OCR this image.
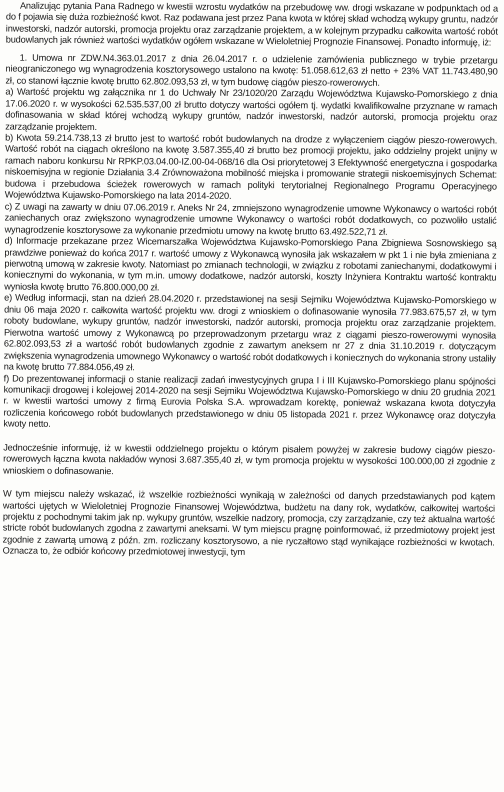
Analizując pytania Pana Radnego w kwestii wzrostu wydatków na przebudowę ww. drogi wskazane w podpunktach od a do f pojawia się duża rozbieżność kwot. Raz podawana jest przez Pana kwota w której skład wchodzą wykupy gruntu, nadzór inwestorski, nadzór autorski, promocja projektu oraz zarządzanie projektem, a w kolejnym przypadku całkowita wartość robót budowlanych jak również wartości wydatków ogółem wskazane w Wieloletniej Prognozie Finansowej. Ponadto informuję, iż:

1. Umowa nr ZDW.N4.363.01.2017 z dnia 26.04.2017 r. o udzielenie zamówienia publicznego w trybie przetargu nieograniczonego wg wynagrodzenia kosztorysowego ustalono na kwotę: 51.058.612,63 zł netto + 23% VAT 11.743.480,90 zł, co stanowi łącznie kwotę brutto 62.802.093,53 zł, w tym budowę ciągów pieszo-rowerowych.

a) Wartość projektu wg załącznika nr 1 do Uchwały Nr 23/1020/20 Zarządu Województwa Kujawsko-Pomorskiego z dnia 17.06.2020 r. w wysokości 62.535.537,00 zł brutto dotyczy wartości ogółem tj. wydatki kwalifikowalne przyznane w ramach dofinasowania w skład której wchodzą wykupy gruntów, nadzór inwestorski, nadzór autorski, promocja projektu oraz zarządzanie projektem.

b) Kwota 59.214.738,13 zł brutto jest to wartość robót budowlanych na drodze z wyłączeniem ciągów pieszo-rowerowych. Wartość robót na ciągach określono na kwotę 3.587.355,40 zł brutto bez promocji projektu, jako oddzielny projekt unijny w ramach naboru konkursu Nr RPKP.03.04.00-IZ.00-04-068/16 dla Osi priorytetowej 3 Efektywność energetyczna i gospodarka niskoemisyjna w regionie Działania 3.4 Zrównoważona mobilność miejska i promowanie strategii niskoemisyjnych Schemat: budowa i przebudowa ścieżek rowerowych w ramach polityki terytorialnej Regionalnego Programu Operacyjnego Województwa Kujawsko-Pomorskiego na lata 2014-2020.

c) Z uwagi na zawarty w dniu 07.06.2019 r. Aneks Nr 24, zmniejszono wynagrodzenie umowne Wykonawcy o wartości robót zaniechanych oraz zwiększono wynagrodzenie umowne Wykonawcy o wartości robót dodatkowych, co pozwoliło ustalić wynagrodzenie kosztorysowe za wykonanie przedmiotu umowy na kwotę brutto 63.492.522,71 zł.

d) Informacje przekazane przez Wicemarszałka Województwa Kujawsko-Pomorskiego Pana Zbigniewa Sosnowskiego są prawdziwe ponieważ do końca 2017 r. wartość umowy z Wykonawcą wynosiła jak wskazałem w pkt 1 i nie była zmieniana z pierwotną umową w zakresie kwoty. Natomiast po zmianach technologii, w związku z robotami zaniechanymi, dodatkowymi i koniecznymi do wykonania, w tym m.in. umowy dodatkowe, nadzór autorski, koszty Inżyniera Kontraktu wartość kontraktu wyniosła kwotę brutto 76.800.000,00 zł.

e) Według informacji, stan na dzień 28.04.2020 r. przedstawionej na sesji Sejmiku Województwa Kujawsko-Pomorskiego w dniu 06 maja 2020 r. całkowita wartość projektu ww. drogi z wnioskiem o dofinasowanie wynosiła 77.983.675,57 zł, w tym roboty budowlane, wykupy gruntów, nadzór inwestorski, nadzór autorski, promocja projektu oraz zarządzanie projektem. Pierwotna wartość umowy z Wykonawcą po przeprowadzonym przetargu wraz z ciągami pieszo-rowerowymi wynosiła 62.802.093,53 zł a wartość robót budowlanych zgodnie z zawartym aneksem nr 27 z dnia 31.10.2019 r. dotyczącym zwiększenia wynagrodzenia umownego Wykonawcy o wartość robót dodatkowych i koniecznych do wykonania strony ustaliły na kwotę brutto 77.884.056,49 zł.

f) Do prezentowanej informacji o stanie realizacji zadań inwestycyjnych grupa I i III Kujawsko-Pomorskiego planu spójności komunikacji drogowej i kolejowej 2014-2020 na sesji Sejmiku Województwa Kujawsko-Pomorskiego w dniu 20 grudnia 2021 r. w kwestii wartości umowy z firmą Eurovia Polska S.A. wprowadzam korektę, ponieważ wskazana kwota dotyczyła rozliczenia końcowego robót budowlanych przedstawionego w dniu 05 listopada 2021 r. przez Wykonawcę oraz dotyczyła kwoty netto.

Jednocześnie informuję, iż w kwestii oddzielnego projektu o którym pisałem powyżej w zakresie budowy ciągów pieszo-rowerowych łączna kwota nakładów wynosi 3.687.355,40 zł, w tym promocja projektu w wysokości 100.000,00 zł zgodnie z wnioskiem o dofinasowanie.

W tym miejscu należy wskazać, iż wszelkie rozbieżności wynikają w zależności od danych przedstawianych pod kątem wartości ujętych w Wieloletniej Prognozie Finansowej Województwa, budżetu na dany rok, wydatków, całkowitej wartości projektu z pochodnymi takim jak np. wykupy gruntów, wszelkie nadzory, promocja, czy zarządzanie, czy też aktualna wartość stricte robót budowlanych zgodna z zawartymi aneksami. W tym miejscu pragnę poinformować, iż przedmiotowy projekt jest zgodnie z zawartą umową z późn. zm. rozliczany kosztorysowo, a nie ryczałtowo stąd wynikające rozbieżności w kwotach. Oznacza to, że odbiór końcowy przedmiotowej inwestycji, tym
